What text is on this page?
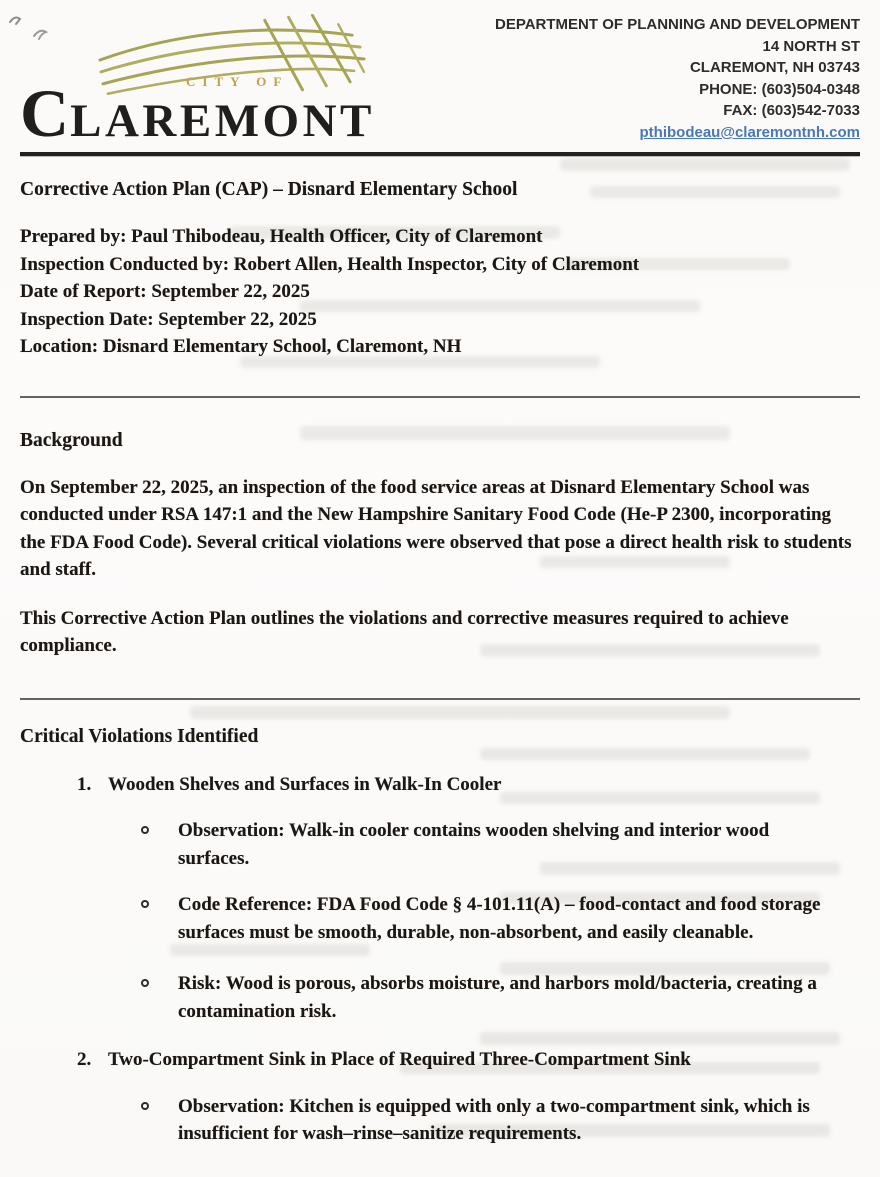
CITY OF
CLAREMONT
DEPARTMENT OF PLANNING AND DEVELOPMENT
14 NORTH ST
CLAREMONT, NH 03743
PHONE: (603)504-0348
FAX: (603)542-7033
pthibodeau@claremontnh.com
Corrective Action Plan (CAP) – Disnard Elementary School
Prepared by: Paul Thibodeau, Health Officer, City of Claremont
Inspection Conducted by: Robert Allen, Health Inspector, City of Claremont
Date of Report: September 22, 2025
Inspection Date: September 22, 2025
Location: Disnard Elementary School, Claremont, NH
Background

On September 22, 2025, an inspection of the food service areas at Disnard Elementary School was conducted under RSA 147:1 and the New Hampshire Sanitary Food Code (He-P 2300, incorporating the FDA Food Code). Several critical violations were observed that pose a direct health risk to students and staff.

This Corrective Action Plan outlines the violations and corrective measures required to achieve compliance.

Critical Violations Identified
1. Wooden Shelves and Surfaces in Walk-In Cooler

Observation: Walk-in cooler contains wooden shelving and interior wood surfaces.

Code Reference: FDA Food Code § 4-101.11(A) – food-contact and food storage surfaces must be smooth, durable, non-absorbent, and easily cleanable.

Risk: Wood is porous, absorbs moisture, and harbors mold/bacteria, creating a contamination risk.

2. Two-Compartment Sink in Place of Required Three-Compartment Sink

Observation: Kitchen is equipped with only a two-compartment sink, which is insufficient for wash–rinse–sanitize requirements.
